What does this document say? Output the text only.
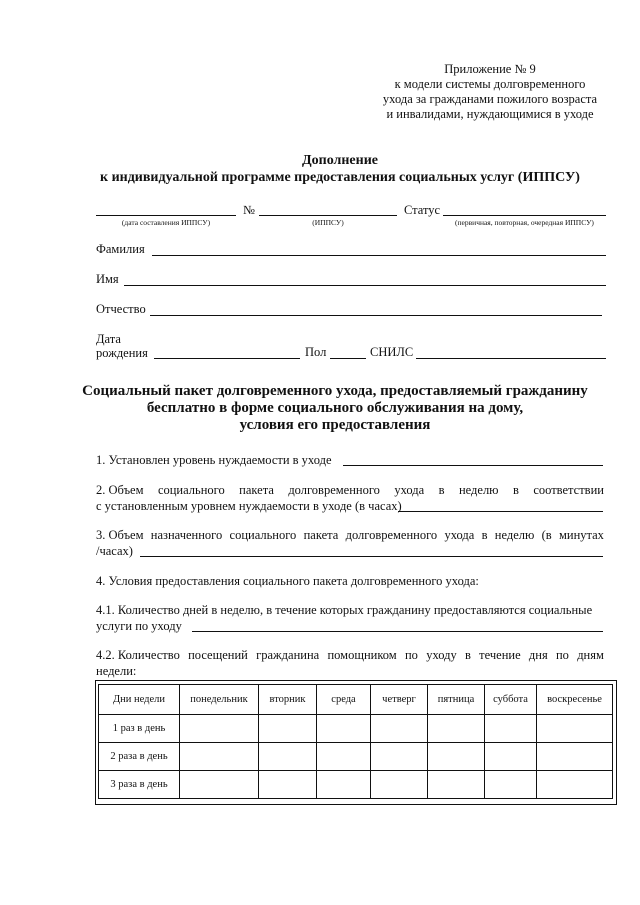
Приложение № 9
к модели системы долговременного
ухода за гражданами пожилого возраста
и инвалидами, нуждающимися в уходе
Дополнение
к индивидуальной программе предоставления социальных услуг (ИППСУ)
№	Статус
(дата составления ИППСУ)	(ИППСУ)	(первичная, повторная, очередная ИППСУ)
Фамилия
Имя
Отчество
Дата
рождения	Пол	СНИЛС
Социальный пакет долговременного ухода, предоставляемый гражданину
бесплатно в форме социального обслуживания на дому,
условия его предоставления
1. Установлен уровень нуждаемости в уходе
2. Объем социального пакета долговременного ухода в неделю в соответствии
с установленным уровнем нуждаемости в уходе (в часах)
3. Объем назначенного социального пакета долговременного ухода в неделю (в минутах
/часах)
4. Условия предоставления социального пакета долговременного ухода:
4.1. Количество дней в неделю, в течение которых гражданину предоставляются социальные
услуги по уходу
4.2. Количество посещений гражданина помощником по уходу в течение дня по дням
недели:
Дни недели	понедельник	вторник	среда	четверг	пятница	суббота	воскресенье
1 раз в день							
2 раза в день							
3 раза в день							
